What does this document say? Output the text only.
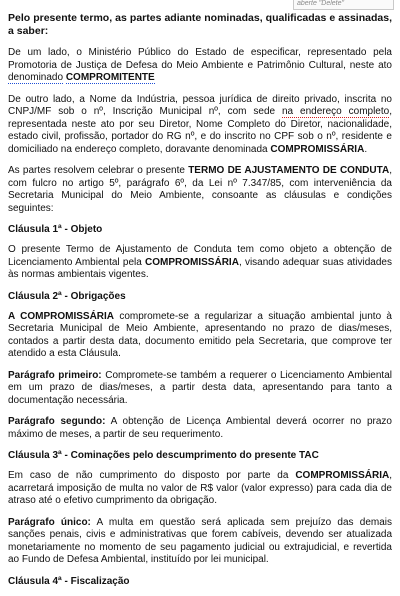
aberte "Delete"

Pelo presente termo, as partes adiante nominadas, qualificadas e assinadas, a saber:

De um lado, o Ministério Público do Estado de especificar, representado pela Promotoria de Justiça de Defesa do Meio Ambiente e Patrimônio Cultural, neste ato denominado COMPROMITENTE

De outro lado, a Nome da Indústria, pessoa jurídica de direito privado, inscrita no CNPJ/MF sob o nº, Inscrição Municipal nº, com sede na endereço completo, representada neste ato por seu Diretor, Nome Completo do Diretor, nacionalidade, estado civil, profissão, portador do RG nº, e do inscrito no CPF sob o nº, residente e domiciliado na endereço completo, doravante denominada COMPROMISSÁRIA.

As partes resolvem celebrar o presente TERMO DE AJUSTAMENTO DE CONDUTA, com fulcro no artigo 5º, parágrafo 6º, da Lei nº 7.347/85, com interveniência da Secretaria Municipal do Meio Ambiente, consoante as cláusulas e condições seguintes:

Cláusula 1ª - Objeto

O presente Termo de Ajustamento de Conduta tem como objeto a obtenção de Licenciamento Ambiental pela COMPROMISSÁRIA, visando adequar suas atividades às normas ambientais vigentes.

Cláusula 2ª - Obrigações

A COMPROMISSÁRIA compromete-se a regularizar a situação ambiental junto à Secretaria Municipal de Meio Ambiente, apresentando no prazo de dias/meses, contados a partir desta data, documento emitido pela Secretaria, que comprove ter atendido a esta Cláusula.

Parágrafo primeiro: Compromete-se também a requerer o Licenciamento Ambiental em um prazo de dias/meses, a partir desta data, apresentando para tanto a documentação necessária.

Parágrafo segundo: A obtenção de Licença Ambiental deverá ocorrer no prazo máximo de meses, a partir de seu requerimento.

Cláusula 3ª - Cominações pelo descumprimento do presente TAC

Em caso de não cumprimento do disposto por parte da COMPROMISSÁRIA, acarretará imposição de multa no valor de R$ valor (valor expresso) para cada dia de atraso até o efetivo cumprimento da obrigação.

Parágrafo único: A multa em questão será aplicada sem prejuízo das demais sanções penais, civis e administrativas que forem cabíveis, devendo ser atualizada monetariamente no momento de seu pagamento judicial ou extrajudicial, e revertida ao Fundo de Defesa Ambiental, instituído por lei municipal.

Cláusula 4ª - Fiscalização
